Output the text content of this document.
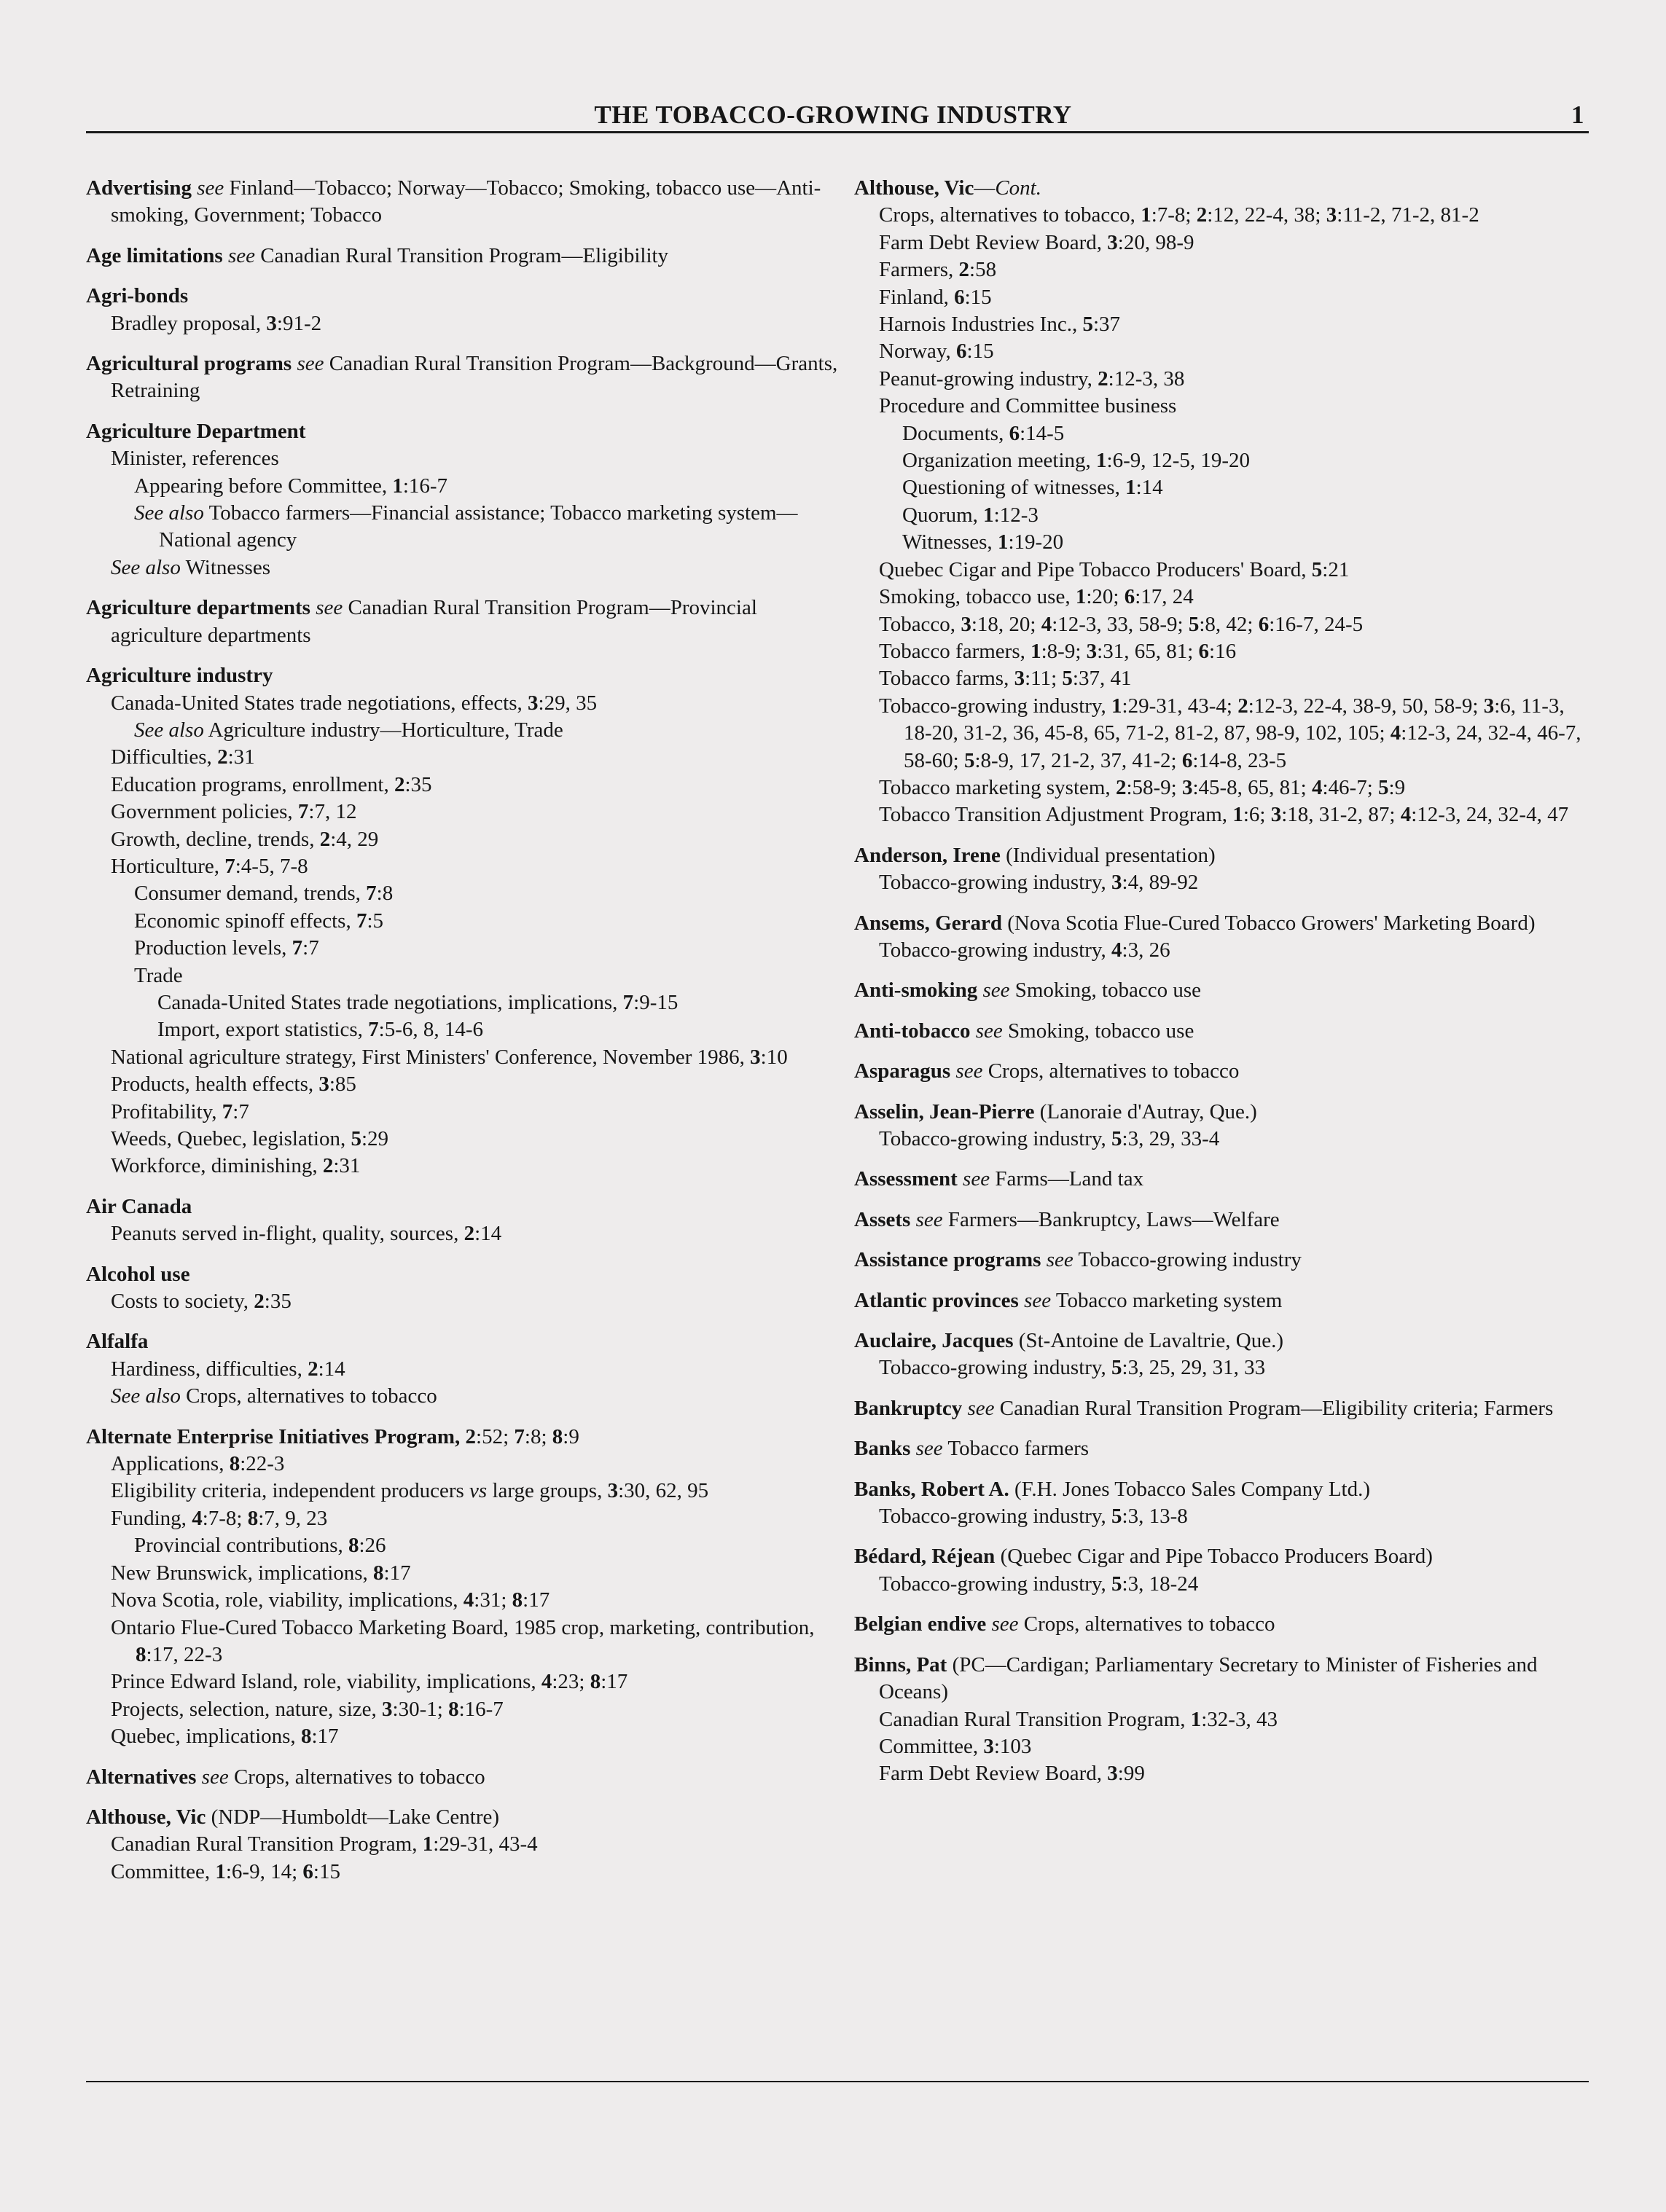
THE TOBACCO-GROWING INDUSTRY	1
Advertising see Finland—Tobacco; Norway—Tobacco; Smoking, tobacco use—Anti-smoking, Government; Tobacco
Age limitations see Canadian Rural Transition Program—Eligibility
Agri-bonds
Bradley proposal, 3:91-2
Agricultural programs see Canadian Rural Transition Program—Background—Grants, Retraining
Agriculture Department
Minister, references
Appearing before Committee, 1:16-7
See also Tobacco farmers—Financial assistance; Tobacco marketing system—National agency
See also Witnesses
Agriculture departments see Canadian Rural Transition Program—Provincial agriculture departments
Agriculture industry
Canada-United States trade negotiations, effects, 3:29, 35
See also Agriculture industry—Horticulture, Trade
Difficulties, 2:31
Education programs, enrollment, 2:35
Government policies, 7:7, 12
Growth, decline, trends, 2:4, 29
Horticulture, 7:4-5, 7-8
Consumer demand, trends, 7:8
Economic spinoff effects, 7:5
Production levels, 7:7
Trade
Canada-United States trade negotiations, implications, 7:9-15
Import, export statistics, 7:5-6, 8, 14-6
National agriculture strategy, First Ministers' Conference, November 1986, 3:10
Products, health effects, 3:85
Profitability, 7:7
Weeds, Quebec, legislation, 5:29
Workforce, diminishing, 2:31
Air Canada
Peanuts served in-flight, quality, sources, 2:14
Alcohol use
Costs to society, 2:35
Alfalfa
Hardiness, difficulties, 2:14
See also Crops, alternatives to tobacco
Alternate Enterprise Initiatives Program, 2:52; 7:8; 8:9
Applications, 8:22-3
Eligibility criteria, independent producers vs large groups, 3:30, 62, 95
Funding, 4:7-8; 8:7, 9, 23
Provincial contributions, 8:26
New Brunswick, implications, 8:17
Nova Scotia, role, viability, implications, 4:31; 8:17
Ontario Flue-Cured Tobacco Marketing Board, 1985 crop, marketing, contribution, 8:17, 22-3
Prince Edward Island, role, viability, implications, 4:23; 8:17
Projects, selection, nature, size, 3:30-1; 8:16-7
Quebec, implications, 8:17
Alternatives see Crops, alternatives to tobacco
Althouse, Vic (NDP—Humboldt—Lake Centre)
Canadian Rural Transition Program, 1:29-31, 43-4
Committee, 1:6-9, 14; 6:15
Althouse, Vic—Cont.
Crops, alternatives to tobacco, 1:7-8; 2:12, 22-4, 38; 3:11-2, 71-2, 81-2
Farm Debt Review Board, 3:20, 98-9
Farmers, 2:58
Finland, 6:15
Harnois Industries Inc., 5:37
Norway, 6:15
Peanut-growing industry, 2:12-3, 38
Procedure and Committee business
Documents, 6:14-5
Organization meeting, 1:6-9, 12-5, 19-20
Questioning of witnesses, 1:14
Quorum, 1:12-3
Witnesses, 1:19-20
Quebec Cigar and Pipe Tobacco Producers' Board, 5:21
Smoking, tobacco use, 1:20; 6:17, 24
Tobacco, 3:18, 20; 4:12-3, 33, 58-9; 5:8, 42; 6:16-7, 24-5
Tobacco farmers, 1:8-9; 3:31, 65, 81; 6:16
Tobacco farms, 3:11; 5:37, 41
Tobacco-growing industry, 1:29-31, 43-4; 2:12-3, 22-4, 38-9, 50, 58-9; 3:6, 11-3, 18-20, 31-2, 36, 45-8, 65, 71-2, 81-2, 87, 98-9, 102, 105; 4:12-3, 24, 32-4, 46-7, 58-60; 5:8-9, 17, 21-2, 37, 41-2; 6:14-8, 23-5
Tobacco marketing system, 2:58-9; 3:45-8, 65, 81; 4:46-7; 5:9
Tobacco Transition Adjustment Program, 1:6; 3:18, 31-2, 87; 4:12-3, 24, 32-4, 47
Anderson, Irene (Individual presentation)
Tobacco-growing industry, 3:4, 89-92
Ansems, Gerard (Nova Scotia Flue-Cured Tobacco Growers' Marketing Board)
Tobacco-growing industry, 4:3, 26
Anti-smoking see Smoking, tobacco use
Anti-tobacco see Smoking, tobacco use
Asparagus see Crops, alternatives to tobacco
Asselin, Jean-Pierre (Lanoraie d'Autray, Que.)
Tobacco-growing industry, 5:3, 29, 33-4
Assessment see Farms—Land tax
Assets see Farmers—Bankruptcy, Laws—Welfare
Assistance programs see Tobacco-growing industry
Atlantic provinces see Tobacco marketing system
Auclaire, Jacques (St-Antoine de Lavaltrie, Que.)
Tobacco-growing industry, 5:3, 25, 29, 31, 33
Bankruptcy see Canadian Rural Transition Program—Eligibility criteria; Farmers
Banks see Tobacco farmers
Banks, Robert A. (F.H. Jones Tobacco Sales Company Ltd.)
Tobacco-growing industry, 5:3, 13-8
Bédard, Réjean (Quebec Cigar and Pipe Tobacco Producers Board)
Tobacco-growing industry, 5:3, 18-24
Belgian endive see Crops, alternatives to tobacco
Binns, Pat (PC—Cardigan; Parliamentary Secretary to Minister of Fisheries and Oceans)
Canadian Rural Transition Program, 1:32-3, 43
Committee, 3:103
Farm Debt Review Board, 3:99
